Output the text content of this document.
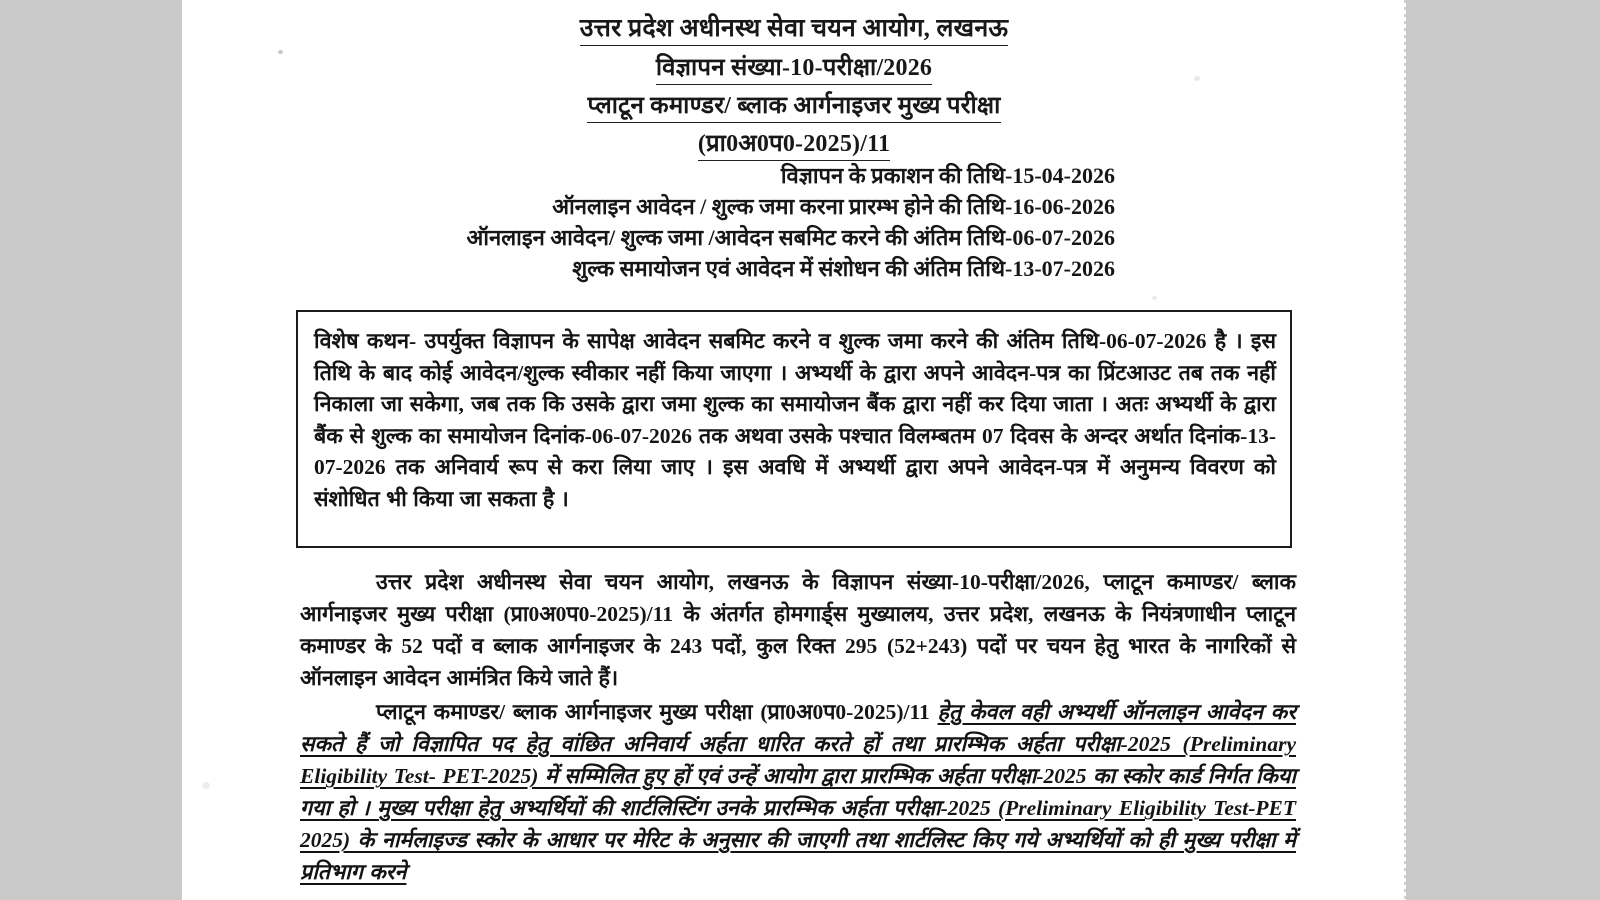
उत्तर प्रदेश अधीनस्थ सेवा चयन आयोग, लखनऊ
विज्ञापन संख्या-10-परीक्षा/2026
प्लाटून कमाण्डर/ ब्लाक आर्गनाइजर मुख्य परीक्षा
(प्रा0अ0प0-2025)/11
विज्ञापन के प्रकाशन की तिथि-15-04-2026
ऑनलाइन आवेदन / शुल्क जमा करना प्रारम्भ होने की तिथि-16-06-2026
ऑनलाइन आवेदन/ शुल्क जमा /आवेदन सबमिट करने की अंतिम तिथि-06-07-2026
शुल्क समायोजन एवं आवेदन में संशोधन की अंतिम तिथि-13-07-2026

विशेष कथन- उपर्युक्त विज्ञापन के सापेक्ष आवेदन सबमिट करने व शुल्क जमा करने की अंतिम तिथि-06-07-2026 है । इस तिथि के बाद कोई आवेदन/शुल्क स्वीकार नहीं किया जाएगा । अभ्यर्थी के द्वारा अपने आवेदन-पत्र का प्रिंटआउट तब तक नहीं निकाला जा सकेगा, जब तक कि उसके द्वारा जमा शुल्क का समायोजन बैंक द्वारा नहीं कर दिया जाता । अतः अभ्यर्थी के द्वारा बैंक से शुल्क का समायोजन दिनांक-06-07-2026 तक अथवा उसके पश्चात विलम्बतम 07 दिवस के अन्दर अर्थात दिनांक-13-07-2026 तक अनिवार्य रूप से करा लिया जाए । इस अवधि में अभ्यर्थी द्वारा अपने आवेदन-पत्र में अनुमन्य विवरण को संशोधित भी किया जा सकता है ।

उत्तर प्रदेश अधीनस्थ सेवा चयन आयोग, लखनऊ के विज्ञापन संख्या-10-परीक्षा/2026, प्लाटून कमाण्डर/ ब्लाक आर्गनाइजर मुख्य परीक्षा (प्रा0अ0प0-2025)/11 के अंतर्गत होमगार्ड्स मुख्यालय, उत्तर प्रदेश, लखनऊ के नियंत्रणाधीन प्लाटून कमाण्डर के 52 पदों व ब्लाक आर्गनाइजर के 243 पदों, कुल रिक्त 295 (52+243) पदों पर चयन हेतु भारत के नागरिकों से ऑनलाइन आवेदन आमंत्रित किये जाते हैं।

प्लाटून कमाण्डर/ ब्लाक आर्गनाइजर मुख्य परीक्षा (प्रा0अ0प0-2025)/11 हेतु केवल वही अभ्यर्थी ऑनलाइन आवेदन कर सकते हैं जो विज्ञापित पद हेतु वांछित अनिवार्य अर्हता धारित करते हों तथा प्रारम्भिक अर्हता परीक्षा-2025 (Preliminary Eligibility Test- PET-2025) में सम्मिलित हुए हों एवं उन्हें आयोग द्वारा प्रारम्भिक अर्हता परीक्षा-2025 का स्कोर कार्ड निर्गत किया गया हो । मुख्य परीक्षा हेतु अभ्यर्थियों की शार्टलिस्टिंग उनके प्रारम्भिक अर्हता परीक्षा-2025 (Preliminary Eligibility Test-PET 2025) के नार्मलाइज्ड स्कोर के आधार पर मेरिट के अनुसार की जाएगी तथा शार्टलिस्ट किए गये अभ्यर्थियों को ही मुख्य परीक्षा में प्रतिभाग करने
